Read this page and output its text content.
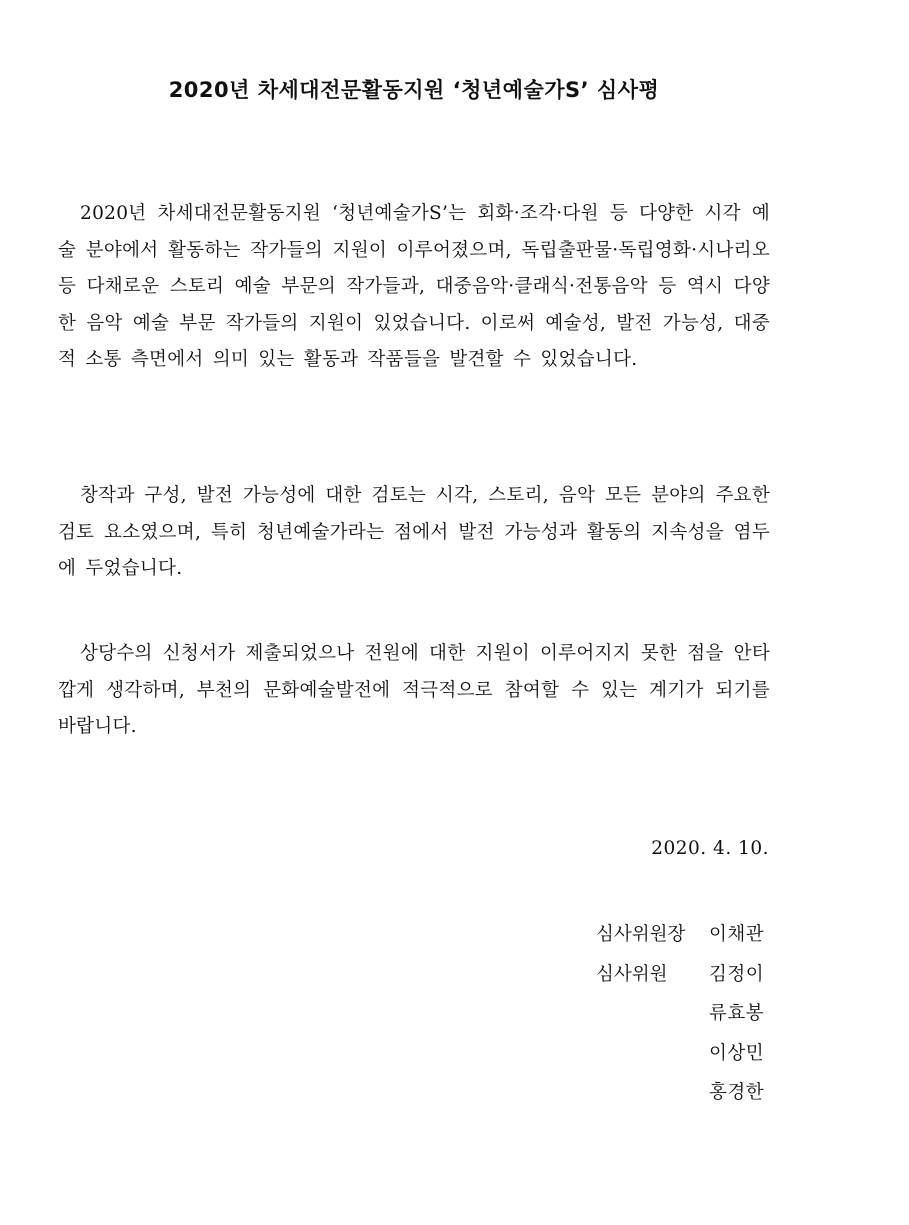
2020년 차세대전문활동지원 ‘청년예술가S’ 심사평

2020년 차세대전문활동지원 ‘청년예술가S’는 회화·조각·다원 등 다양한 시각 예술 분야에서 활동하는 작가들의 지원이 이루어졌으며, 독립출판물·독립영화·시나리오 등 다채로운 스토리 예술 부문의 작가들과, 대중음악·클래식·전통음악 등 역시 다양한 음악 예술 부문 작가들의 지원이 있었습니다. 이로써 예술성, 발전 가능성, 대중적 소통 측면에서 의미 있는 활동과 작품들을 발견할 수 있었습니다.

창작과 구성, 발전 가능성에 대한 검토는 시각, 스토리, 음악 모든 분야의 주요한 검토 요소였으며, 특히 청년예술가라는 점에서 발전 가능성과 활동의 지속성을 염두에 두었습니다.

상당수의 신청서가 제출되었으나 전원에 대한 지원이 이루어지지 못한 점을 안타깝게 생각하며, 부천의 문화예술발전에 적극적으로 참여할 수 있는 계기가 되기를 바랍니다.

2020. 4. 10.

심사위원장 이채관
심사위원 김정이
류효봉
이상민
홍경한
